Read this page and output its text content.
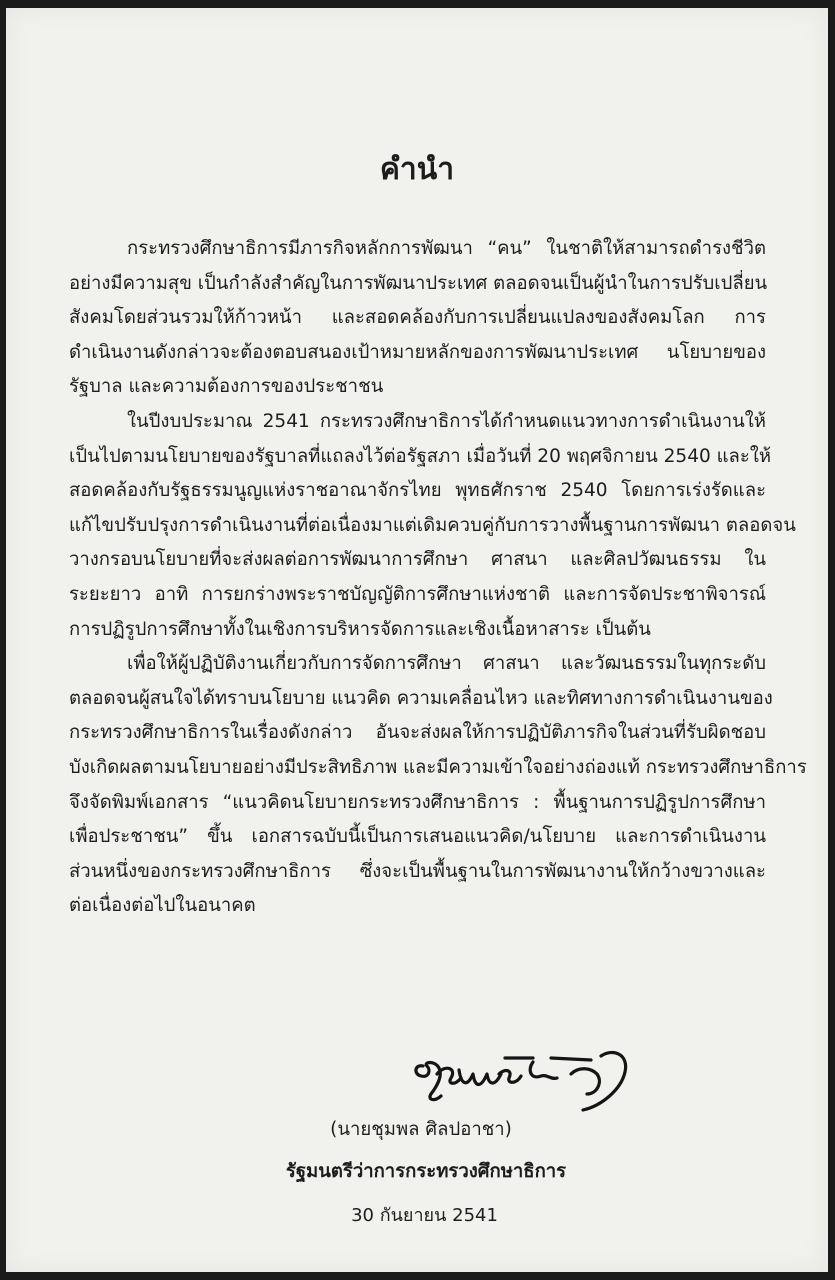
คำนำ
กระทรวงศึกษาธิการมีภารกิจหลักการพัฒนา “คน” ในชาติให้สามารถดำรงชีวิต
อย่างมีความสุข เป็นกำลังสำคัญในการพัฒนาประเทศ ตลอดจนเป็นผู้นำในการปรับเปลี่ยน
สังคมโดยส่วนรวมให้ก้าวหน้า และสอดคล้องกับการเปลี่ยนแปลงของสังคมโลก การ
ดำเนินงานดังกล่าวจะต้องตอบสนองเป้าหมายหลักของการพัฒนาประเทศ นโยบายของ
รัฐบาล และความต้องการของประชาชน
ในปีงบประมาณ 2541 กระทรวงศึกษาธิการได้กำหนดแนวทางการดำเนินงานให้
เป็นไปตามนโยบายของรัฐบาลที่แถลงไว้ต่อรัฐสภา เมื่อวันที่ 20 พฤศจิกายน 2540 และให้
สอดคล้องกับรัฐธรรมนูญแห่งราชอาณาจักรไทย พุทธศักราช 2540 โดยการเร่งรัดและ
แก้ไขปรับปรุงการดำเนินงานที่ต่อเนื่องมาแต่เดิมควบคู่กับการวางพื้นฐานการพัฒนา ตลอดจน
วางกรอบนโยบายที่จะส่งผลต่อการพัฒนาการศึกษา ศาสนา และศิลปวัฒนธรรม ใน
ระยะยาว อาทิ การยกร่างพระราชบัญญัติการศึกษาแห่งชาติ และการจัดประชาพิจารณ์
การปฏิรูปการศึกษาทั้งในเชิงการบริหารจัดการและเชิงเนื้อหาสาระ เป็นต้น
เพื่อให้ผู้ปฏิบัติงานเกี่ยวกับการจัดการศึกษา ศาสนา และวัฒนธรรมในทุกระดับ
ตลอดจนผู้สนใจได้ทราบนโยบาย แนวคิด ความเคลื่อนไหว และทิศทางการดำเนินงานของ
กระทรวงศึกษาธิการในเรื่องดังกล่าว อันจะส่งผลให้การปฏิบัติภารกิจในส่วนที่รับผิดชอบ
บังเกิดผลตามนโยบายอย่างมีประสิทธิภาพ และมีความเข้าใจอย่างถ่องแท้ กระทรวงศึกษาธิการ
จึงจัดพิมพ์เอกสาร “แนวคิดนโยบายกระทรวงศึกษาธิการ : พื้นฐานการปฏิรูปการศึกษา
เพื่อประชาชน” ขึ้น เอกสารฉบับนี้เป็นการเสนอแนวคิด/นโยบาย และการดำเนินงาน
ส่วนหนึ่งของกระทรวงศึกษาธิการ ซึ่งจะเป็นพื้นฐานในการพัฒนางานให้กว้างขวางและ
ต่อเนื่องต่อไปในอนาคต
(นายชุมพล ศิลปอาชา)
รัฐมนตรีว่าการกระทรวงศึกษาธิการ
30 กันยายน 2541
